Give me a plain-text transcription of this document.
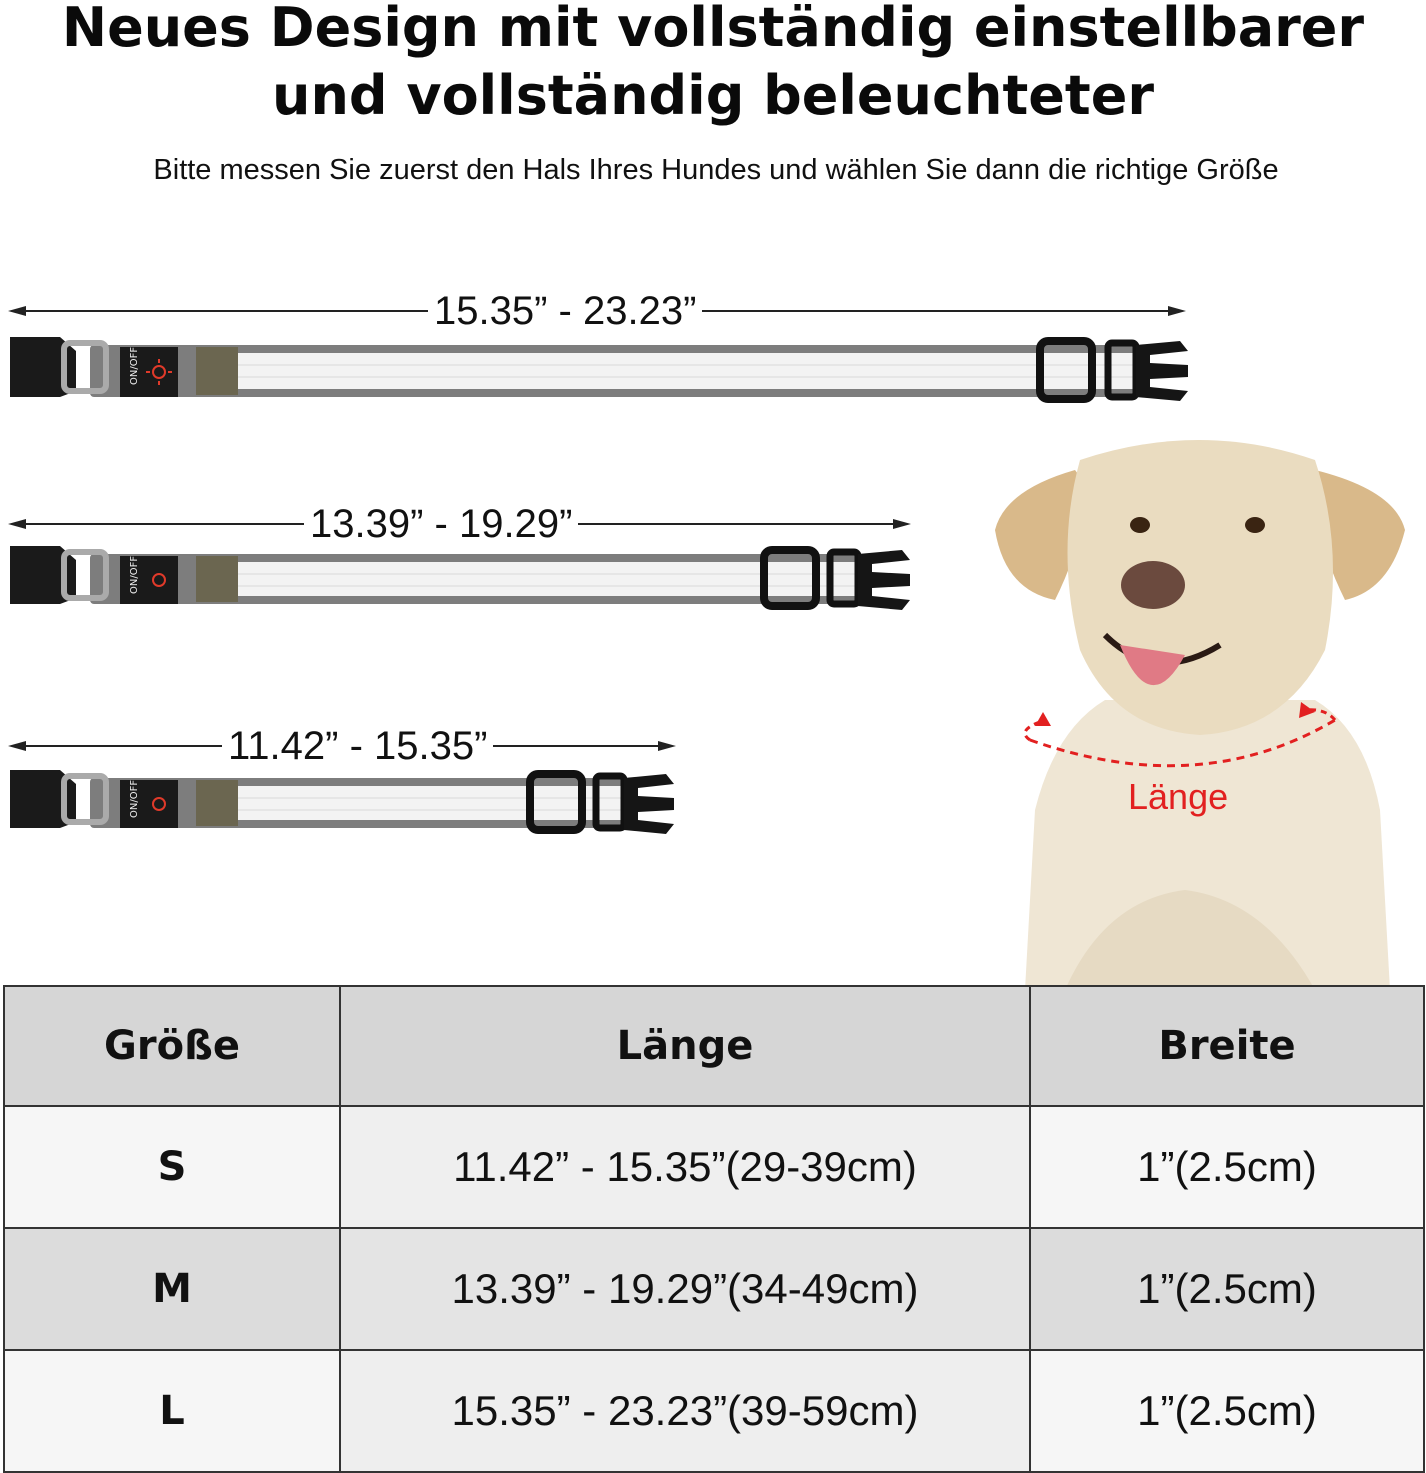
Neues Design mit vollständig einstellbarer
und vollständig beleuchteter
Bitte messen Sie zuerst den Hals Ihres Hundes und wählen Sie dann die richtige Größe
ON/OFF
15.35” - 23.23”
ON/OFF
13.39” - 19.29”
ON/OFF
11.42” - 15.35”
Länge
Größe	Länge	Breite
S	11.42” - 15.35”(29-39cm)	1”(2.5cm)
M	13.39” - 19.29”(34-49cm)	1”(2.5cm)
L	15.35” - 23.23”(39-59cm)	1”(2.5cm)
